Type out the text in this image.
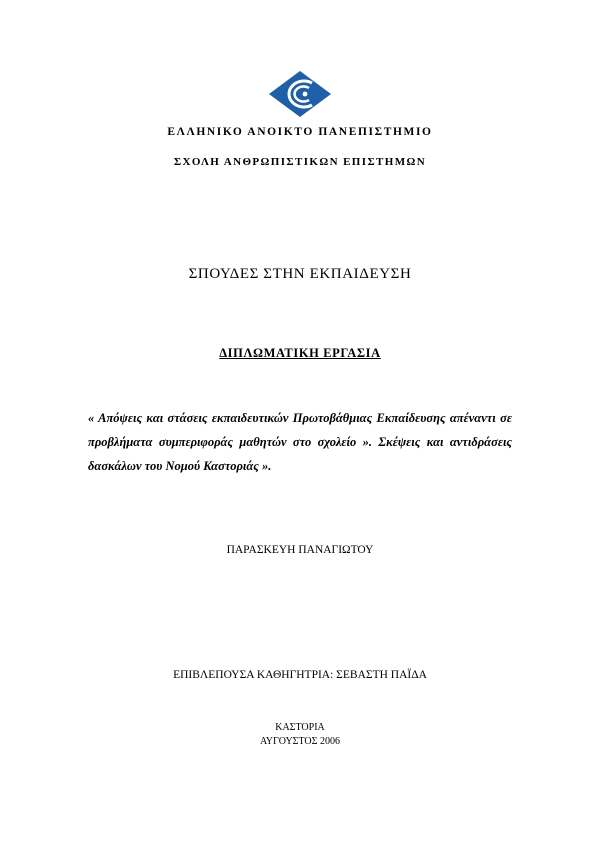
ΕΛΛΗΝΙΚΟ ΑΝΟΙΚΤΟ ΠΑΝΕΠΙΣΤΗΜΙΟ
ΣΧΟΛΗ ΑΝΘΡΩΠΙΣΤΙΚΩΝ ΕΠΙΣΤΗΜΩΝ
ΣΠΟΥΔΕΣ ΣΤΗΝ ΕΚΠΑΙΔΕΥΣΗ
ΔΙΠΛΩΜΑΤΙΚΗ ΕΡΓΑΣΙΑ
« Απόψεις και στάσεις εκπαιδευτικών Πρωτοβάθμιας Εκπαίδευσης απέναντι σε προβλήματα συμπεριφοράς μαθητών στο σχολείο ». Σκέψεις και αντιδράσεις δασκάλων του Νομού Καστοριάς ».
ΠΑΡΑΣΚΕΥΗ ΠΑΝΑΓΙΩΤΟΥ
ΕΠΙΒΛΕΠΟΥΣΑ ΚΑΘΗΓΗΤΡΙΑ: ΣΕΒΑΣΤΗ ΠΑΪΔΑ
ΚΑΣΤΟΡΙΑ
ΑΥΓΟΥΣΤΟΣ 2006
